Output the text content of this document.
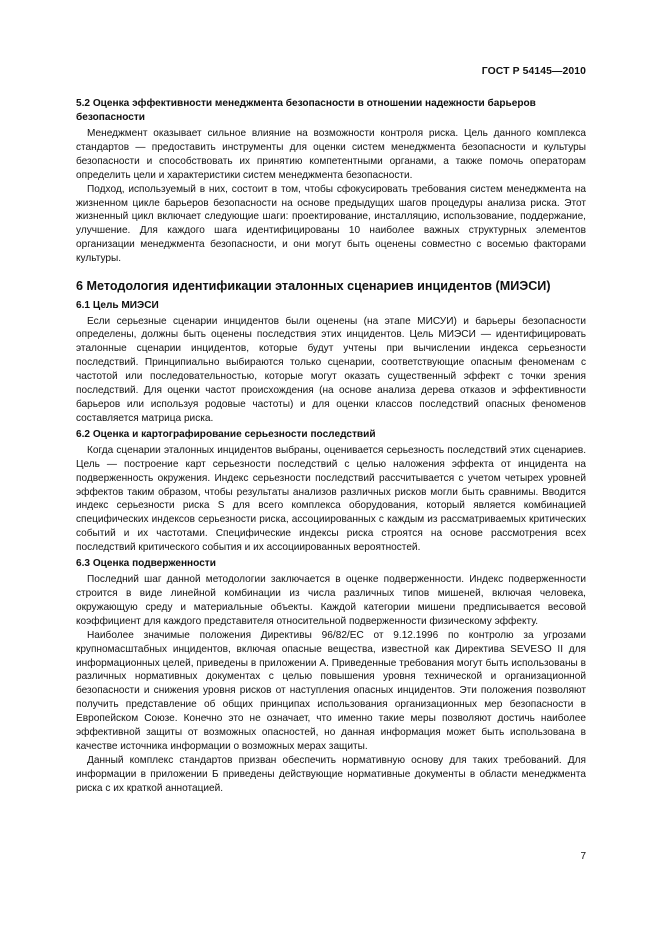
ГОСТ Р 54145—2010

5.2 Оценка эффективности менеджмента безопасности в отношении надежности барьеров безопасности

Менеджмент оказывает сильное влияние на возможности контроля риска. Цель данного комплекса стандартов — предоставить инструменты для оценки систем менеджмента безопасности и культуры безопасности и способствовать их принятию компетентными органами, а также помочь операторам определить цели и характеристики систем менеджмента безопасности.

Подход, используемый в них, состоит в том, чтобы сфокусировать требования систем менеджмента на жизненном цикле барьеров безопасности на основе предыдущих шагов процедуры анализа риска. Этот жизненный цикл включает следующие шаги: проектирование, инсталляцию, использование, поддержание, улучшение. Для каждого шага идентифицированы 10 наиболее важных структурных элементов организации менеджмента безопасности, и они могут быть оценены совместно с восемью факторами культуры.

6 Методология идентификации эталонных сценариев инцидентов (МИЭСИ)

6.1 Цель МИЭСИ

Если серьезные сценарии инцидентов были оценены (на этапе МИСУИ) и барьеры безопасности определены, должны быть оценены последствия этих инцидентов. Цель МИЭСИ — идентифицировать эталонные сценарии инцидентов, которые будут учтены при вычислении индекса серьезности последствий. Принципиально выбираются только сценарии, соответствующие опасным феноменам с частотой или последовательностью, которые могут оказать существенный эффект с точки зрения последствий. Для оценки частот происхождения (на основе анализа дерева отказов и эффективности барьеров или используя родовые частоты) и для оценки классов последствий опасных феноменов составляется матрица риска.

6.2 Оценка и картографирование серьезности последствий

Когда сценарии эталонных инцидентов выбраны, оценивается серьезность последствий этих сценариев. Цель — построение карт серьезности последствий с целью наложения эффекта от инцидента на подверженность окружения. Индекс серьезности последствий рассчитывается с учетом четырех уровней эффектов таким образом, чтобы результаты анализов различных рисков могли быть сравнимы. Вводится индекс серьезности риска S для всего комплекса оборудования, который является комбинацией специфических индексов серьезности риска, ассоциированных с каждым из рассматриваемых критических событий и их частотами. Специфические индексы риска строятся на основе рассмотрения всех последствий критического события и их ассоциированных вероятностей.

6.3 Оценка подверженности

Последний шаг данной методологии заключается в оценке подверженности. Индекс подверженности строится в виде линейной комбинации из числа различных типов мишеней, включая человека, окружающую среду и материальные объекты. Каждой категории мишени предписывается весовой коэффициент для каждого представителя относительной подверженности физическому эффекту.

Наиболее значимые положения Директивы 96/82/EC от 9.12.1996 по контролю за угрозами крупномасштабных инцидентов, включая опасные вещества, известной как Директива SEVESO II для информационных целей, приведены в приложении А. Приведенные требования могут быть использованы в различных нормативных документах с целью повышения уровня технической и организационной безопасности и снижения уровня рисков от наступления опасных инцидентов. Эти положения позволяют получить представление об общих принципах использования организационных мер безопасности в Европейском Союзе. Конечно это не означает, что именно такие меры позволяют достичь наиболее эффективной защиты от возможных опасностей, но данная информация может быть использована в качестве источника информации о возможных мерах защиты.

Данный комплекс стандартов призван обеспечить нормативную основу для таких требований. Для информации в приложении Б приведены действующие нормативные документы в области менеджмента риска с их краткой аннотацией.

7
